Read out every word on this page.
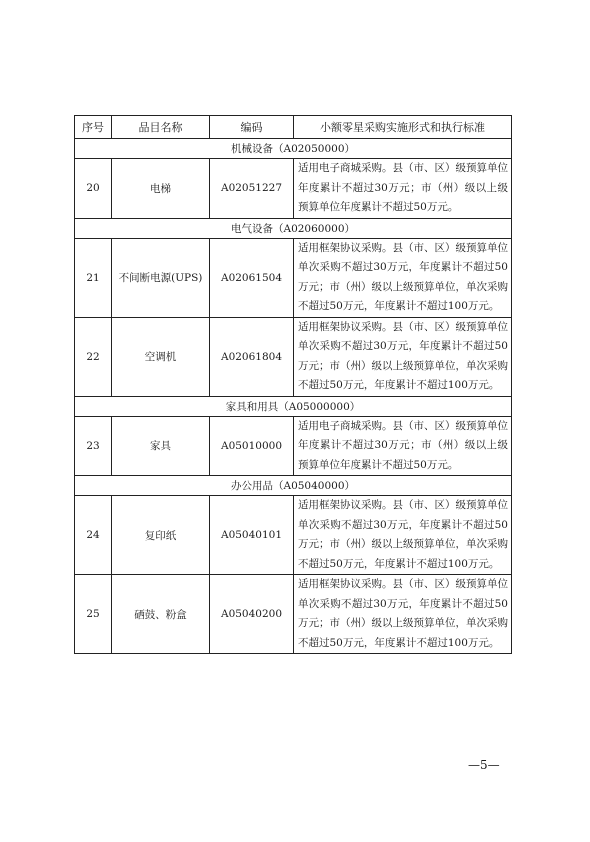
序号	品目名称	编码	小额零星采购实施形式和执行标准
机械设备（A02050000）			
20	电梯	A02051227	适用电子商城采购。县（市、区）级预算单位年度累计不超过30万元；市（州）级以上级预算单位年度累计不超过50万元。
电气设备（A02060000）			
21	不间断电源(UPS)	A02061504	适用框架协议采购。县（市、区）级预算单位单次采购不超过30万元，年度累计不超过50万元；市（州）级以上级预算单位，单次采购不超过50万元，年度累计不超过100万元。
22	空调机	A02061804	适用框架协议采购。县（市、区）级预算单位单次采购不超过30万元，年度累计不超过50万元；市（州）级以上级预算单位，单次采购不超过50万元，年度累计不超过100万元。
家具和用具（A05000000）			
23	家具	A05010000	适用电子商城采购。县（市、区）级预算单位年度累计不超过30万元；市（州）级以上级预算单位年度累计不超过50万元。
办公用品（A05040000）			
24	复印纸	A05040101	适用框架协议采购。县（市、区）级预算单位单次采购不超过30万元，年度累计不超过50万元；市（州）级以上级预算单位，单次采购不超过50万元，年度累计不超过100万元。
25	硒鼓、粉盒	A05040200	适用框架协议采购。县（市、区）级预算单位单次采购不超过30万元，年度累计不超过50万元；市（州）级以上级预算单位，单次采购不超过50万元，年度累计不超过100万元。
—5—
